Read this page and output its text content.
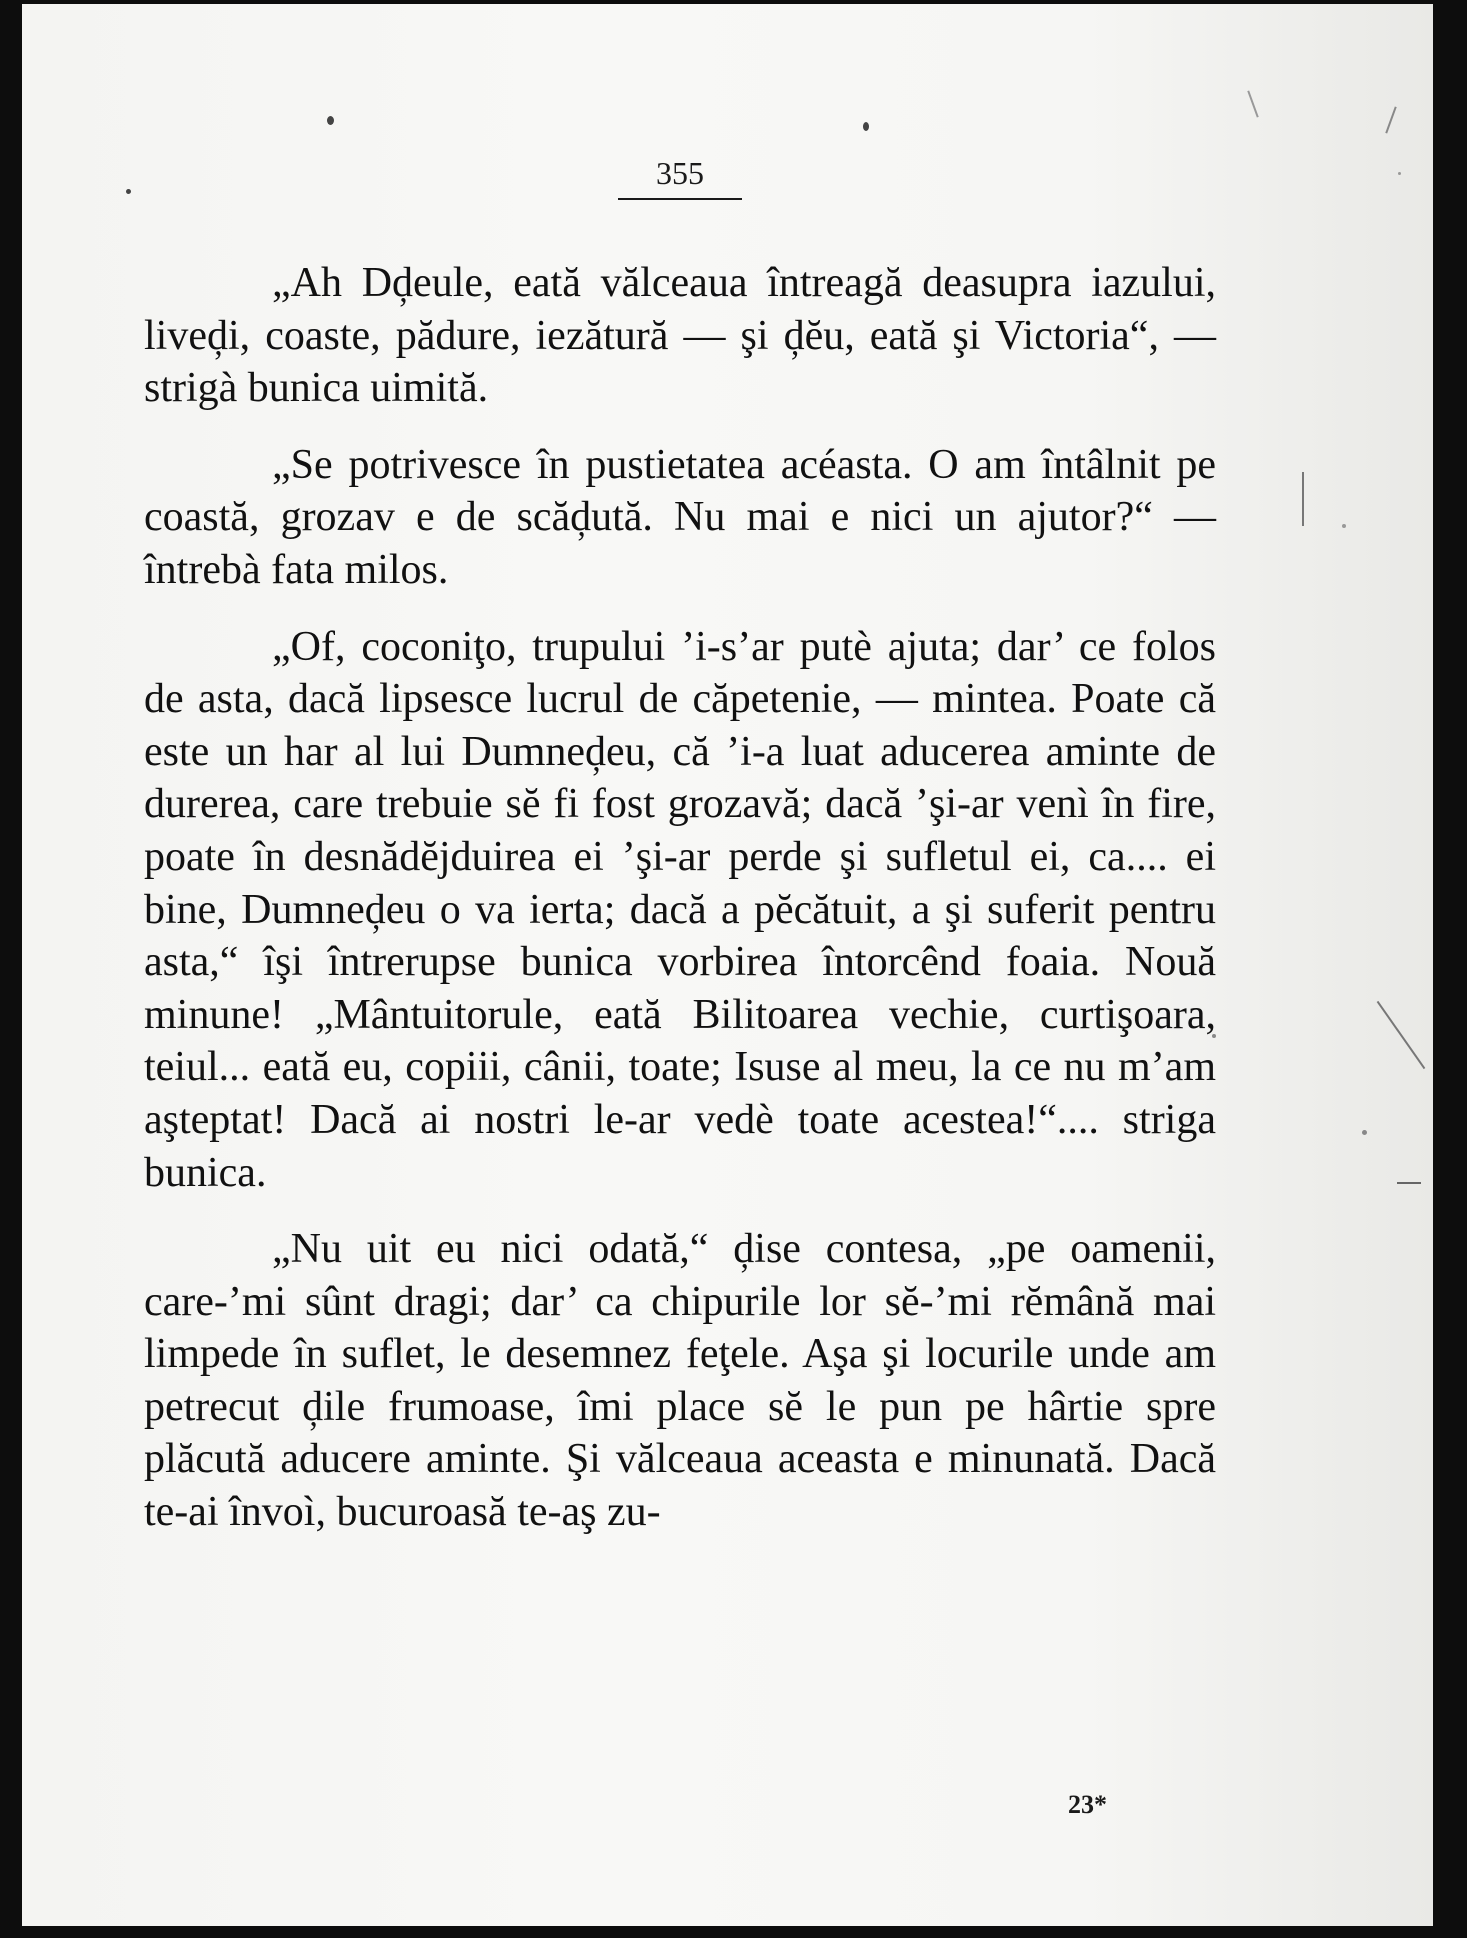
355

„Ah Dḑeule, eată vălceaua întreagă deasupra iazului, liveḑi, coaste, pădure, iezătură — şi ḑĕu, eată şi Victoria“, — strigà bunica uimită.

„Se potrivesce în pustietatea acéasta. O am întâlnit pe coastă, grozav e de scăḑută. Nu mai e nici un ajutor?“ — întrebà fata milos.

„Of, coconiţo, trupului ’i-s’ar putè ajuta; dar’ ce folos de asta, dacă lipsesce lucrul de căpetenie, — mintea. Poate că este un har al lui Dumneḑeu, că ’i-a luat aducerea aminte de durerea, care trebuie sĕ fi fost grozavă; dacă ’şi-ar venì în fire, poate în desnădĕjduirea ei ’şi-ar perde şi sufletul ei, ca.... ei bine, Dumneḑeu o va ierta; dacă a pĕcătuit, a şi suferit pentru asta,“ îşi întrerupse bunica vorbirea întorcênd foaia. Nouă minune! „Mântuitorule, eată Bilitoarea vechie, curtişoara, teiul... eată eu, copiii, cânii, toate; Isuse al meu, la ce nu m’am aşteptat! Dacă ai nostri le-ar vedè toate acestea!“.... striga bunica.

„Nu uit eu nici odată,“ ḑise contesa, „pe oamenii, care-’mi sûnt dragi; dar’ ca chipurile lor sĕ-’mi rĕmână mai limpede în suflet, le desemnez feţele. Aşa şi locurile unde am petrecut ḑile frumoase, îmi place sĕ le pun pe hârtie spre plăcută aducere aminte. Şi vălceaua aceasta e minunată. Dacă te-ai învoì, bucuroasă te-aş zu-

23*
